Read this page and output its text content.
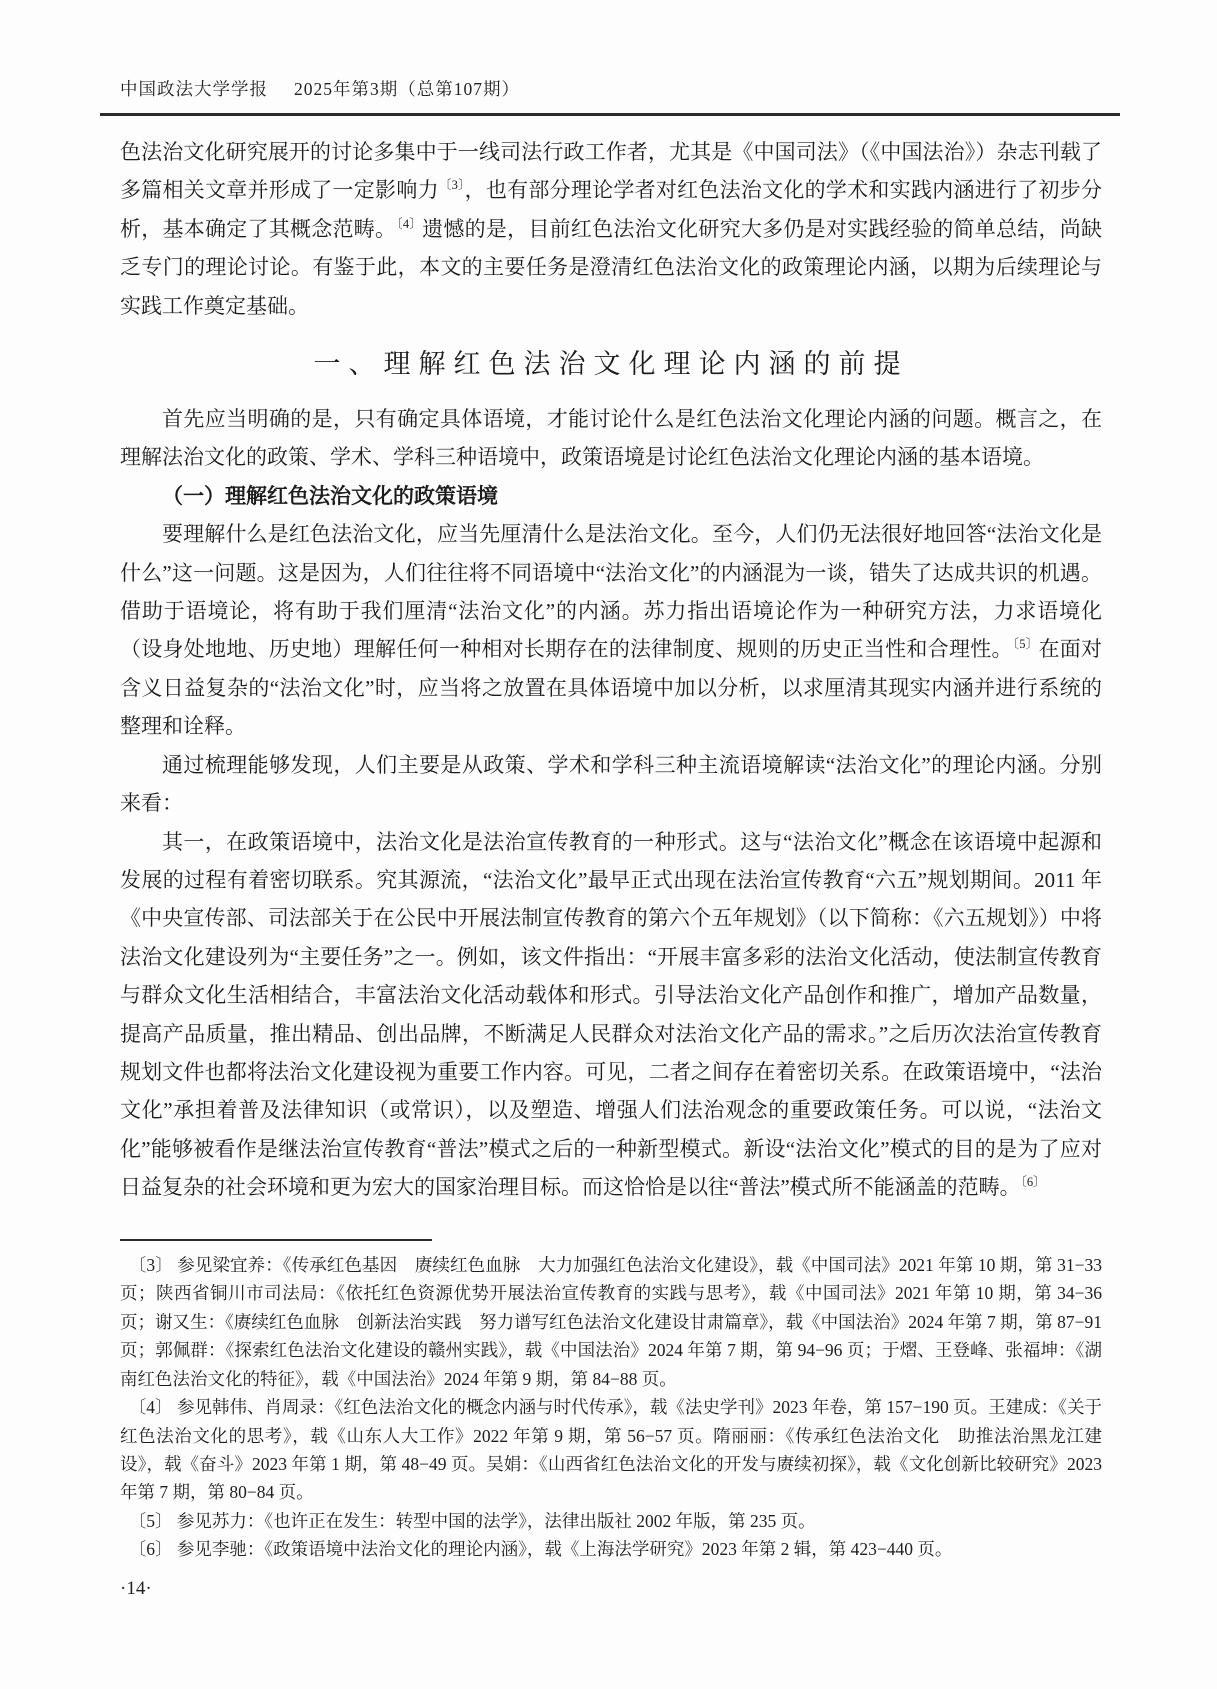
中国政法大学学报 2025年第3期（总第107期）

色法治文化研究展开的讨论多集中于一线司法行政工作者，尤其是《中国司法》（《中国法治》）杂志刊载了多篇相关文章并形成了一定影响力$^{〔3〕}$，也有部分理论学者对红色法治文化的学术和实践内涵进行了初步分析，基本确定了其概念范畴。$^{〔4〕}$遗憾的是，目前红色法治文化研究大多仍是对实践经验的简单总结，尚缺乏专门的理论讨论。有鉴于此，本文的主要任务是澄清红色法治文化的政策理论内涵，以期为后续理论与实践工作奠定基础。

一、理解红色法治文化理论内涵的前提

首先应当明确的是，只有确定具体语境，才能讨论什么是红色法治文化理论内涵的问题。概言之，在理解法治文化的政策、学术、学科三种语境中，政策语境是讨论红色法治文化理论内涵的基本语境。

（一）理解红色法治文化的政策语境

要理解什么是红色法治文化，应当先厘清什么是法治文化。至今，人们仍无法很好地回答“法治文化是什么”这一问题。这是因为，人们往往将不同语境中“法治文化”的内涵混为一谈，错失了达成共识的机遇。借助于语境论，将有助于我们厘清“法治文化”的内涵。苏力指出语境论作为一种研究方法，力求语境化（设身处地地、历史地）理解任何一种相对长期存在的法律制度、规则的历史正当性和合理性。$^{〔5〕}$在面对含义日益复杂的“法治文化”时，应当将之放置在具体语境中加以分析，以求厘清其现实内涵并进行系统的整理和诠释。

通过梳理能够发现，人们主要是从政策、学术和学科三种主流语境解读“法治文化”的理论内涵。分别来看：

其一，在政策语境中，法治文化是法治宣传教育的一种形式。这与“法治文化”概念在该语境中起源和发展的过程有着密切联系。究其源流，“法治文化”最早正式出现在法治宣传教育“六五”规划期间。2011 年《中央宣传部、司法部关于在公民中开展法制宣传教育的第六个五年规划》（以下简称：《六五规划》）中将法治文化建设列为“主要任务”之一。例如，该文件指出：“开展丰富多彩的法治文化活动，使法制宣传教育与群众文化生活相结合，丰富法治文化活动载体和形式。引导法治文化产品创作和推广，增加产品数量，提高产品质量，推出精品、创出品牌，不断满足人民群众对法治文化产品的需求。”之后历次法治宣传教育规划文件也都将法治文化建设视为重要工作内容。可见，二者之间存在着密切关系。在政策语境中，“法治文化”承担着普及法律知识（或常识），以及塑造、增强人们法治观念的重要政策任务。可以说，“法治文化”能够被看作是继法治宣传教育“普法”模式之后的一种新型模式。新设“法治文化”模式的目的是为了应对日益复杂的社会环境和更为宏大的国家治理目标。而这恰恰是以往“普法”模式所不能涵盖的范畴。$^{〔6〕}$

〔3〕 参见梁宜养：《传承红色基因　赓续红色血脉　大力加强红色法治文化建设》，载《中国司法》2021 年第 10 期，第 31−33 页；陕西省铜川市司法局：《依托红色资源优势开展法治宣传教育的实践与思考》，载《中国司法》2021 年第 10 期，第 34−36 页；谢又生：《赓续红色血脉　创新法治实践　努力谱写红色法治文化建设甘肃篇章》，载《中国法治》2024 年第 7 期，第 87−91 页；郭佩群：《探索红色法治文化建设的赣州实践》，载《中国法治》2024 年第 7 期，第 94−96 页；于熠、王登峰、张福坤：《湖南红色法治文化的特征》，载《中国法治》2024 年第 9 期，第 84−88 页。

〔4〕 参见韩伟、肖周录：《红色法治文化的概念内涵与时代传承》，载《法史学刊》2023 年卷，第 157−190 页。王建成：《关于红色法治文化的思考》，载《山东人大工作》2022 年第 9 期，第 56−57 页。隋丽丽：《传承红色法治文化　助推法治黑龙江建设》，载《奋斗》2023 年第 1 期，第 48−49 页。吴娟：《山西省红色法治文化的开发与赓续初探》，载《文化创新比较研究》2023 年第 7 期，第 80−84 页。

〔5〕 参见苏力：《也许正在发生：转型中国的法学》，法律出版社 2002 年版，第 235 页。

〔6〕 参见李驰：《政策语境中法治文化的理论内涵》，载《上海法学研究》2023 年第 2 辑，第 423−440 页。

·14·
